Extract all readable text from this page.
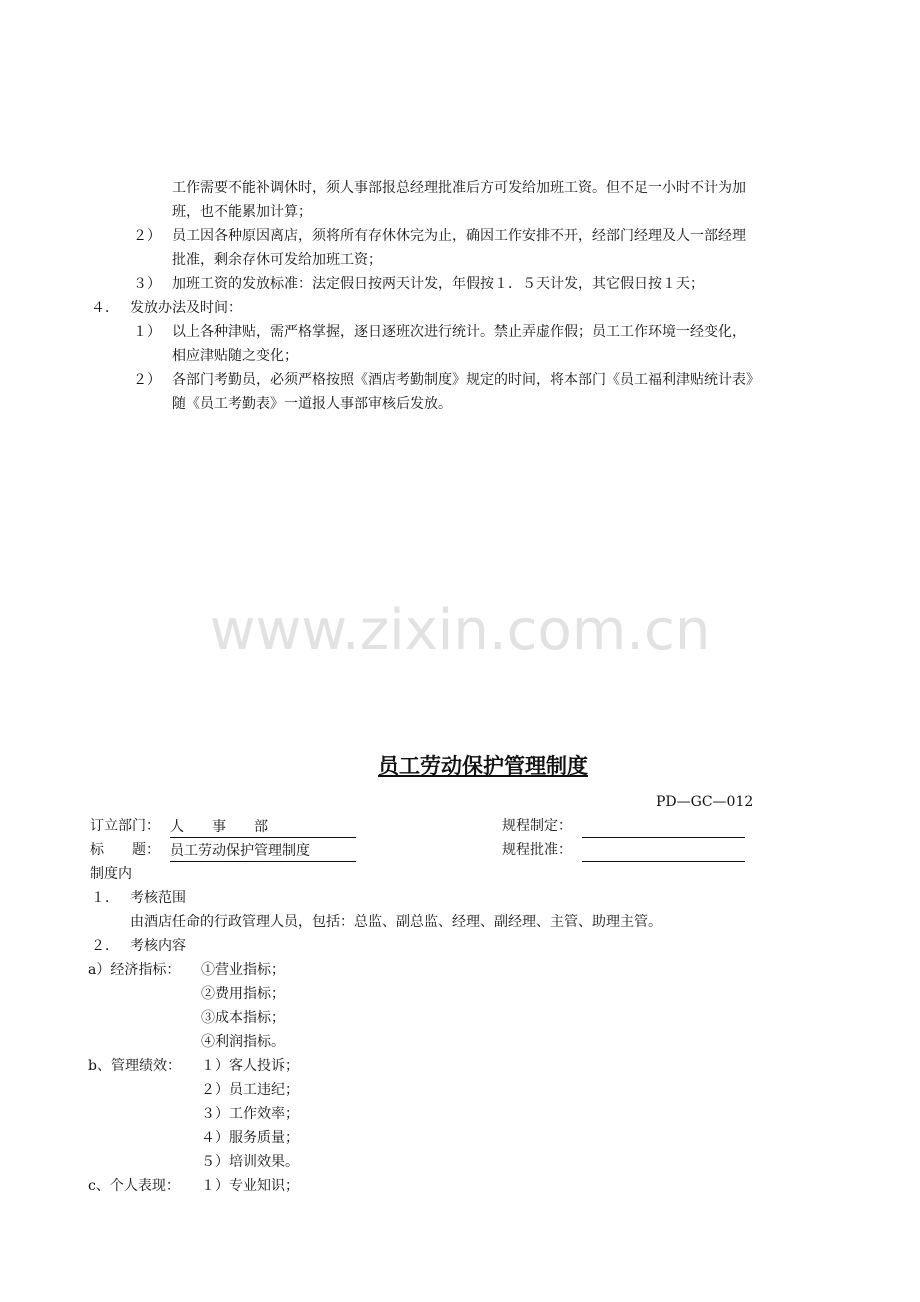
工作需要不能补调休时，须人事部报总经理批准后方可发给加班工资。但不足一小时不计为加
班，也不能累加计算；
２） 员工因各种原因离店，须将所有存休休完为止，确因工作安排不开，经部门经理及人一部经理
批准，剩余存休可发给加班工资；
３） 加班工资的发放标准：法定假日按两天计发，年假按１．５天计发，其它假日按１天；
４． 发放办法及时间：
１） 以上各种津贴，需严格掌握，逐日逐班次进行统计。禁止弄虚作假；员工工作环境一经变化，
相应津贴随之变化；
２） 各部门考勤员，必须严格按照《酒店考勤制度》规定的时间，将本部门《员工福利津贴统计表》
随《员工考勤表》一道报人事部审核后发放。
www.zixin.com.cn
员工劳动保护管理制度
PD—GC—012
订立部门： 人　　事　　部	规程制定：
标　　题： 员工劳动保护管理制度	规程批准：
制度内
１． 考核范围
由酒店任命的行政管理人员，包括：总监、副总监、经理、副经理、主管、助理主管。
２． 考核内容
a）经济指标： ①营业指标；
②费用指标；
③成本指标；
④利润指标。
b、管理绩效： １）客人投诉；
２）员工违纪；
３）工作效率；
４）服务质量；
５）培训效果。
c、个人表现： １）专业知识；
